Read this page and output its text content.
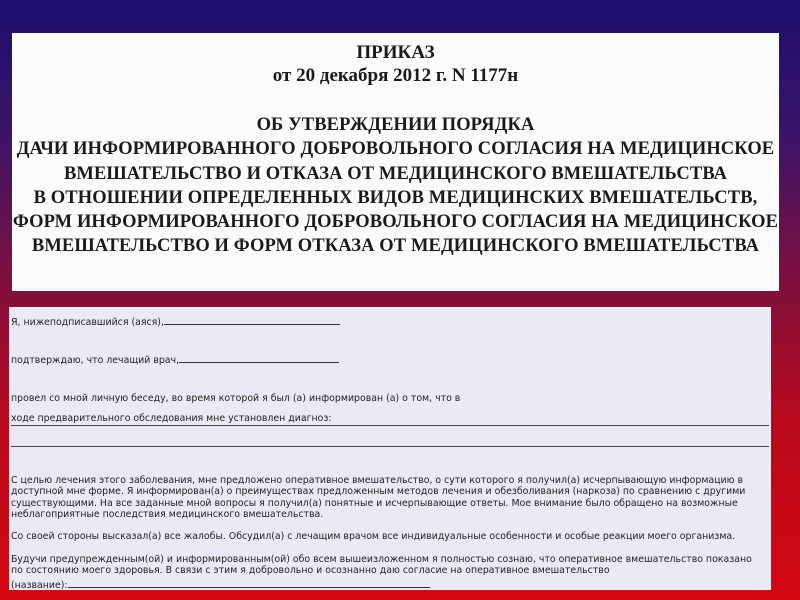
ПРИКАЗ
от 20 декабря 2012 г. N 1177н
ОБ УТВЕРЖДЕНИИ ПОРЯДКА
ДАЧИ ИНФОРМИРОВАННОГО ДОБРОВОЛЬНОГО СОГЛАСИЯ НА МЕДИЦИНСКОЕ
ВМЕШАТЕЛЬСТВО И ОТКАЗА ОТ МЕДИЦИНСКОГО ВМЕШАТЕЛЬСТВА
В ОТНОШЕНИИ ОПРЕДЕЛЕННЫХ ВИДОВ МЕДИЦИНСКИХ ВМЕШАТЕЛЬСТВ,
ФОРМ ИНФОРМИРОВАННОГО ДОБРОВОЛЬНОГО СОГЛАСИЯ НА МЕДИЦИНСКОЕ
ВМЕШАТЕЛЬСТВО И ФОРМ ОТКАЗА ОТ МЕДИЦИНСКОГО ВМЕШАТЕЛЬСТВА
Я, нижеподписавшийся (аяся),
подтверждаю, что лечащий врач,
провел со мной личную беседу, во время которой я был (а) информирован (а) о том, что в
ходе предварительного обследования мне установлен диагноз:
С целью лечения этого заболевания, мне предложено оперативное вмешательство, о сути которого я получил(а) исчерпывающую информацию в доступной мне форме. Я информирован(а) о преимуществах предложенным методов лечения и обезболивания (наркоза) по сравнению с другими существующими. На все заданные мной вопросы я получил(а) понятные и исчерпывающие ответы. Мое внимание было обращено на возможные неблагоприятные последствия медицинского вмешательства.
Со своей стороны высказал(а) все жалобы. Обсудил(а) с лечащим врачом все индивидуальные особенности и особые реакции моего организма.
Будучи предупрежденным(ой) и информированным(ой) обо всем вышеизложенном я полностью сознаю, что оперативное вмешательство показано по состоянию моего здоровья. В связи с этим я добровольно и осознанно даю согласие на оперативное вмешательство
(название):
